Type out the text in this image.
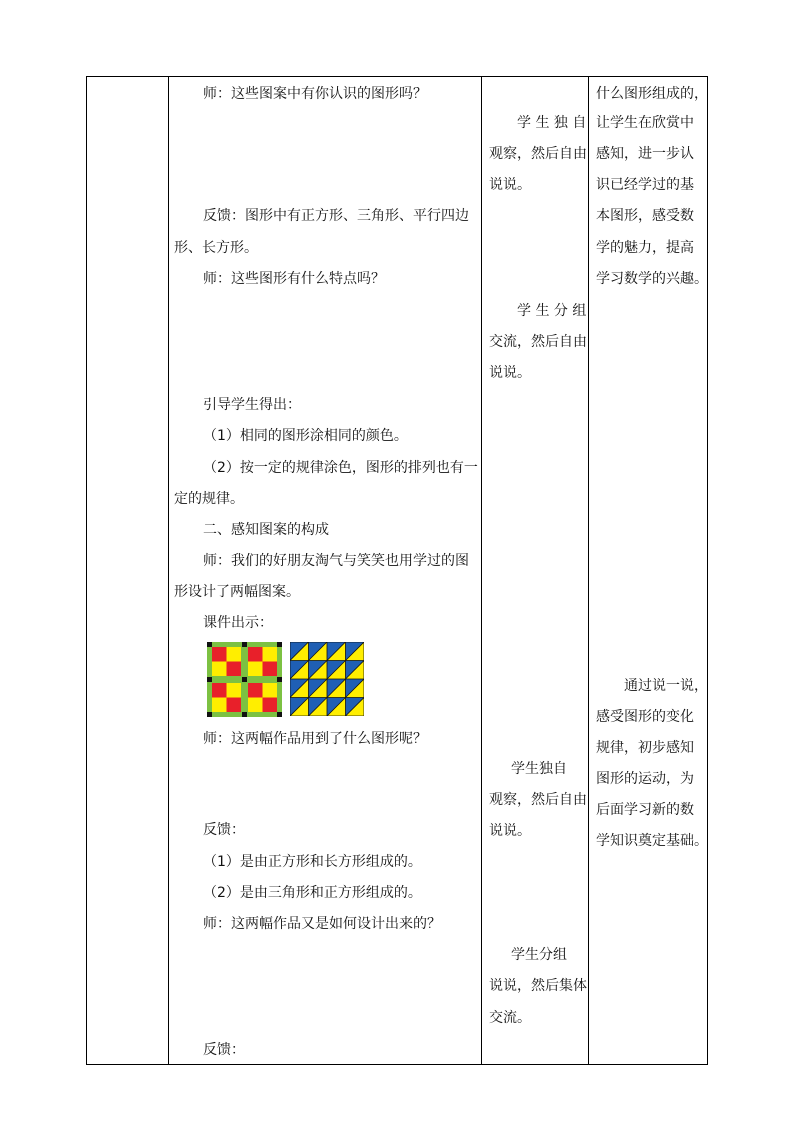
师：这些图案中有你认识的图形吗？
反馈：图形中有正方形、三角形、平行四边
形、长方形。
师：这些图形有什么特点吗？
引导学生得出：
（1）相同的图形涂相同的颜色。
（2）按一定的规律涂色，图形的排列也有一
定的规律。
二、感知图案的构成
师：我们的好朋友淘气与笑笑也用学过的图
形设计了两幅图案。
课件出示：
师：这两幅作品用到了什么图形呢？
反馈：
（1）是由正方形和长方形组成的。
（2）是由三角形和正方形组成的。
师：这两幅作品又是如何设计出来的？
反馈：
学 生 独 自
观察，然后自由
说说。
学 生 分 组
交流，然后自由
说说。
学生独自
观察，然后自由
说说。
学生分组
说说，然后集体
交流。
什么图形组成的，
让学生在欣赏中
感知，进一步认
识已经学过的基
本图形，感受数
学的魅力，提高
学习数学的兴趣。
通过说一说，
感受图形的变化
规律，初步感知
图形的运动，为
后面学习新的数
学知识奠定基础。
